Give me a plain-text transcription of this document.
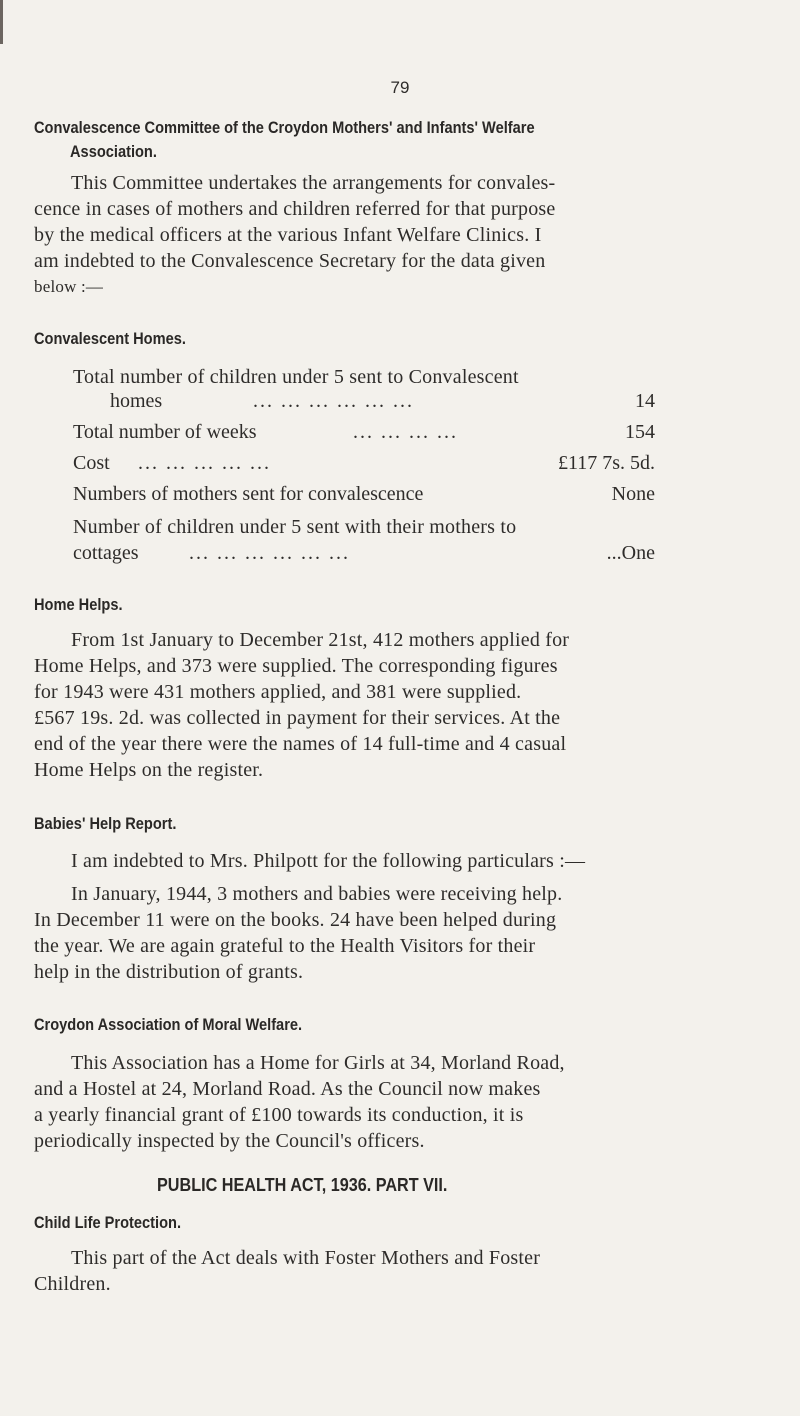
79
Convalescence Committee of the Croydon Mothers' and Infants' Welfare
Association.
This Committee undertakes the arrangements for convales-
cence in cases of mothers and children referred for that purpose
by the medical officers at the various Infant Welfare Clinics. I
am indebted to the Convalescence Secretary for the data given
below :—
Convalescent Homes.
Total number of children under 5 sent to Convalescent
homes	... ... ... ... ... ...	14
Total number of weeks	... ... ... ...	154
Cost ... ... ... ... ...	£117 7s. 5d.
Numbers of mothers sent for convalescence	None
Number of children under 5 sent with their mothers to
cottages	... ... ... ... ... ...	...One
Home Helps.
From 1st January to December 21st, 412 mothers applied for
Home Helps, and 373 were supplied. The corresponding figures
for 1943 were 431 mothers applied, and 381 were supplied.
£567 19s. 2d. was collected in payment for their services. At the
end of the year there were the names of 14 full-time and 4 casual
Home Helps on the register.
Babies' Help Report.
I am indebted to Mrs. Philpott for the following particulars :—
In January, 1944, 3 mothers and babies were receiving help.
In December 11 were on the books. 24 have been helped during
the year. We are again grateful to the Health Visitors for their
help in the distribution of grants.
Croydon Association of Moral Welfare.
This Association has a Home for Girls at 34, Morland Road,
and a Hostel at 24, Morland Road. As the Council now makes
a yearly financial grant of £100 towards its conduction, it is
periodically inspected by the Council's officers.
PUBLIC HEALTH ACT, 1936. PART VII.
Child Life Protection.
This part of the Act deals with Foster Mothers and Foster
Children.
